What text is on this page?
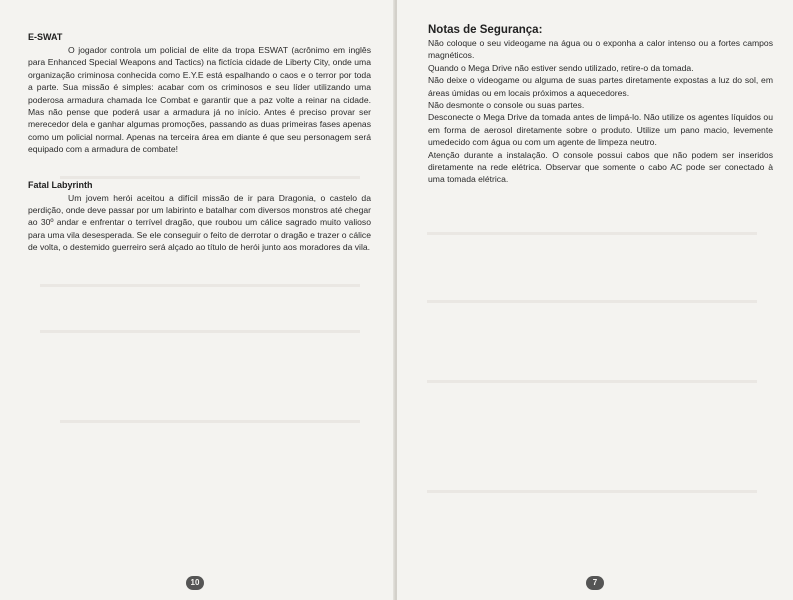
E-SWAT

O jogador controla um policial de elite da tropa ESWAT (acrônimo em inglês para Enhanced Special Weapons and Tactics) na fictícia cidade de Liberty City, onde uma organização criminosa conhecida como E.Y.E está espalhando o caos e o terror por toda a parte. Sua missão é simples: acabar com os criminosos e seu líder utilizando uma poderosa armadura chamada Ice Combat e garantir que a paz volte a reinar na cidade. Mas não pense que poderá usar a armadura já no início. Antes é preciso provar ser merecedor dela e ganhar algumas promoções, passando as duas primeiras fases apenas como um policial normal. Apenas na terceira área em diante é que seu personagem será equipado com a armadura de combate!

Fatal Labyrinth

Um jovem herói aceitou a difícil missão de ir para Dragonia, o castelo da perdição, onde deve passar por um labirinto e batalhar com diversos monstros até chegar ao 30º andar e enfrentar o terrível dragão, que roubou um cálice sagrado muito valioso para uma vila desesperada. Se ele conseguir o feito de derrotar o dragão e trazer o cálice de volta, o destemido guerreiro será alçado ao título de herói junto aos moradores da vila.

10
Notas de Segurança:

Não coloque o seu videogame na água ou o exponha a calor intenso ou a fortes campos magnéticos.

Quando o Mega Drive não estiver sendo utilizado, retire-o da tomada.

Não deixe o videogame ou alguma de suas partes diretamente expostas a luz do sol, em áreas úmidas ou em locais próximos a aquecedores.

Não desmonte o console ou suas partes.

Desconecte o Mega Drive da tomada antes de limpá-lo. Não utilize os agentes líquidos ou em forma de aerosol diretamente sobre o produto. Utilize um pano macio, levemente umedecido com água ou com um agente de limpeza neutro.

Atenção durante a instalação. O console possui cabos que não podem ser inseridos diretamente na rede elétrica. Observar que somente o cabo AC pode ser conectado à uma tomada elétrica.

7
